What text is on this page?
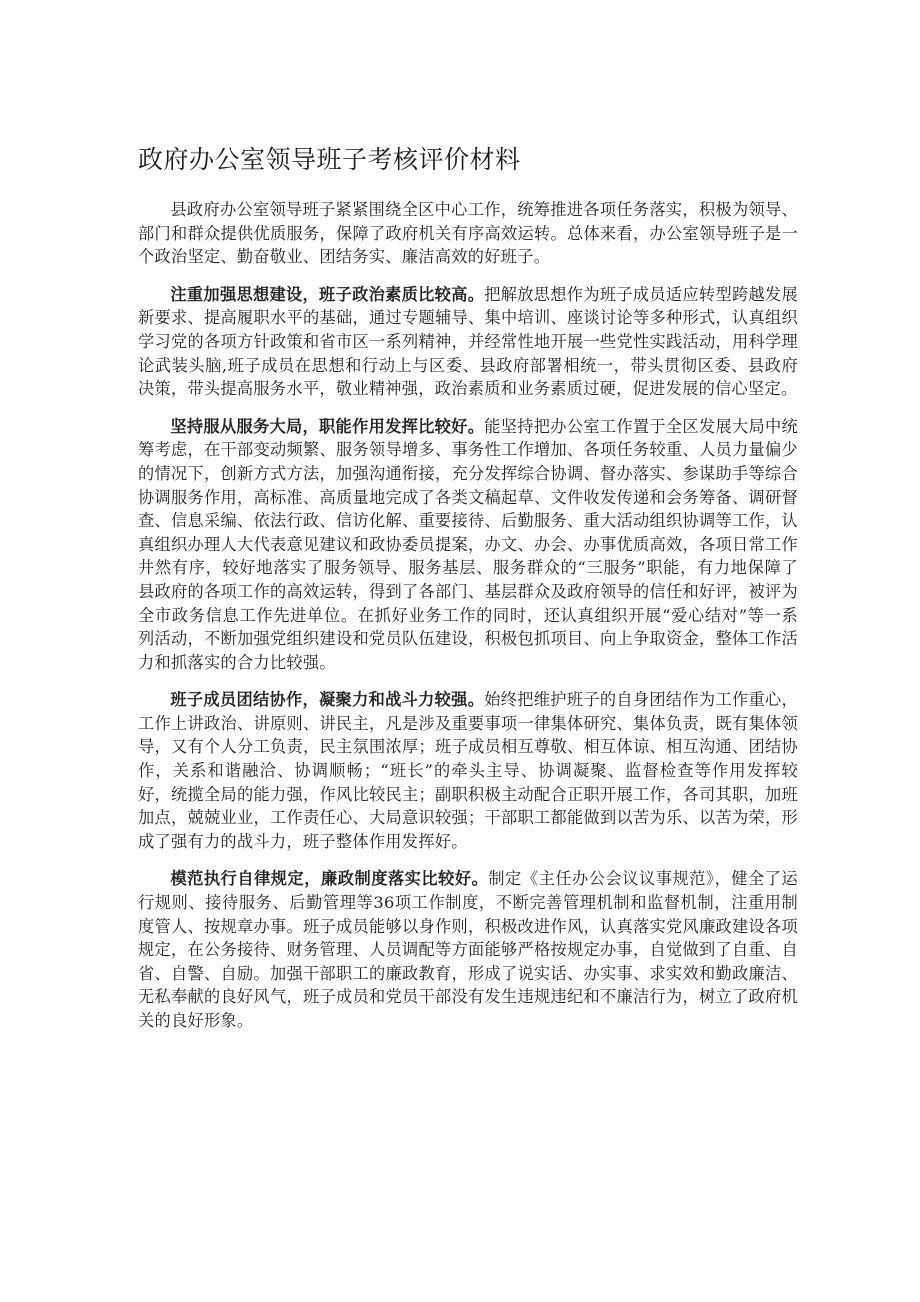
政府办公室领导班子考核评价材料

县政府办公室领导班子紧紧围绕全区中心工作，统筹推进各项任务落实，积极为领导、部门和群众提供优质服务，保障了政府机关有序高效运转。总体来看，办公室领导班子是一个政治坚定、勤奋敬业、团结务实、廉洁高效的好班子。

注重加强思想建设，班子政治素质比较高。把解放思想作为班子成员适应转型跨越发展新要求、提高履职水平的基础，通过专题辅导、集中培训、座谈讨论等多种形式，认真组织学习党的各项方针政策和省市区一系列精神，并经常性地开展一些党性实践活动，用科学理论武装头脑,班子成员在思想和行动上与区委、县政府部署相统一，带头贯彻区委、县政府决策，带头提高服务水平，敬业精神强，政治素质和业务素质过硬，促进发展的信心坚定。

坚持服从服务大局，职能作用发挥比较好。能坚持把办公室工作置于全区发展大局中统筹考虑，在干部变动频繁、服务领导增多、事务性工作增加、各项任务较重、人员力量偏少的情况下，创新方式方法，加强沟通衔接，充分发挥综合协调、督办落实、参谋助手等综合协调服务作用，高标准、高质量地完成了各类文稿起草、文件收发传递和会务筹备、调研督查、信息采编、依法行政、信访化解、重要接待、后勤服务、重大活动组织协调等工作，认真组织办理人大代表意见建议和政协委员提案，办文、办会、办事优质高效，各项日常工作井然有序，较好地落实了服务领导、服务基层、服务群众的“三服务”职能，有力地保障了县政府的各项工作的高效运转，得到了各部门、基层群众及政府领导的信任和好评，被评为全市政务信息工作先进单位。在抓好业务工作的同时，还认真组织开展“爱心结对”等一系列活动，不断加强党组织建设和党员队伍建设，积极包抓项目、向上争取资金，整体工作活力和抓落实的合力比较强。

班子成员团结协作，凝聚力和战斗力较强。始终把维护班子的自身团结作为工作重心，工作上讲政治、讲原则、讲民主，凡是涉及重要事项一律集体研究、集体负责，既有集体领导，又有个人分工负责，民主氛围浓厚；班子成员相互尊敬、相互体谅、相互沟通、团结协作，关系和谐融洽、协调顺畅；“班长”的牵头主导、协调凝聚、监督检查等作用发挥较好，统揽全局的能力强，作风比较民主；副职积极主动配合正职开展工作，各司其职，加班加点，兢兢业业，工作责任心、大局意识较强；干部职工都能做到以苦为乐、以苦为荣，形成了强有力的战斗力，班子整体作用发挥好。

模范执行自律规定，廉政制度落实比较好。制定《主任办公会议议事规范》，健全了运行规则、接待服务、后勤管理等36项工作制度，不断完善管理机制和监督机制，注重用制度管人、按规章办事。班子成员能够以身作则，积极改进作风，认真落实党风廉政建设各项规定，在公务接待、财务管理、人员调配等方面能够严格按规定办事，自觉做到了自重、自省、自警、自励。加强干部职工的廉政教育，形成了说实话、办实事、求实效和勤政廉洁、无私奉献的良好风气，班子成员和党员干部没有发生违规违纪和不廉洁行为，树立了政府机关的良好形象。
